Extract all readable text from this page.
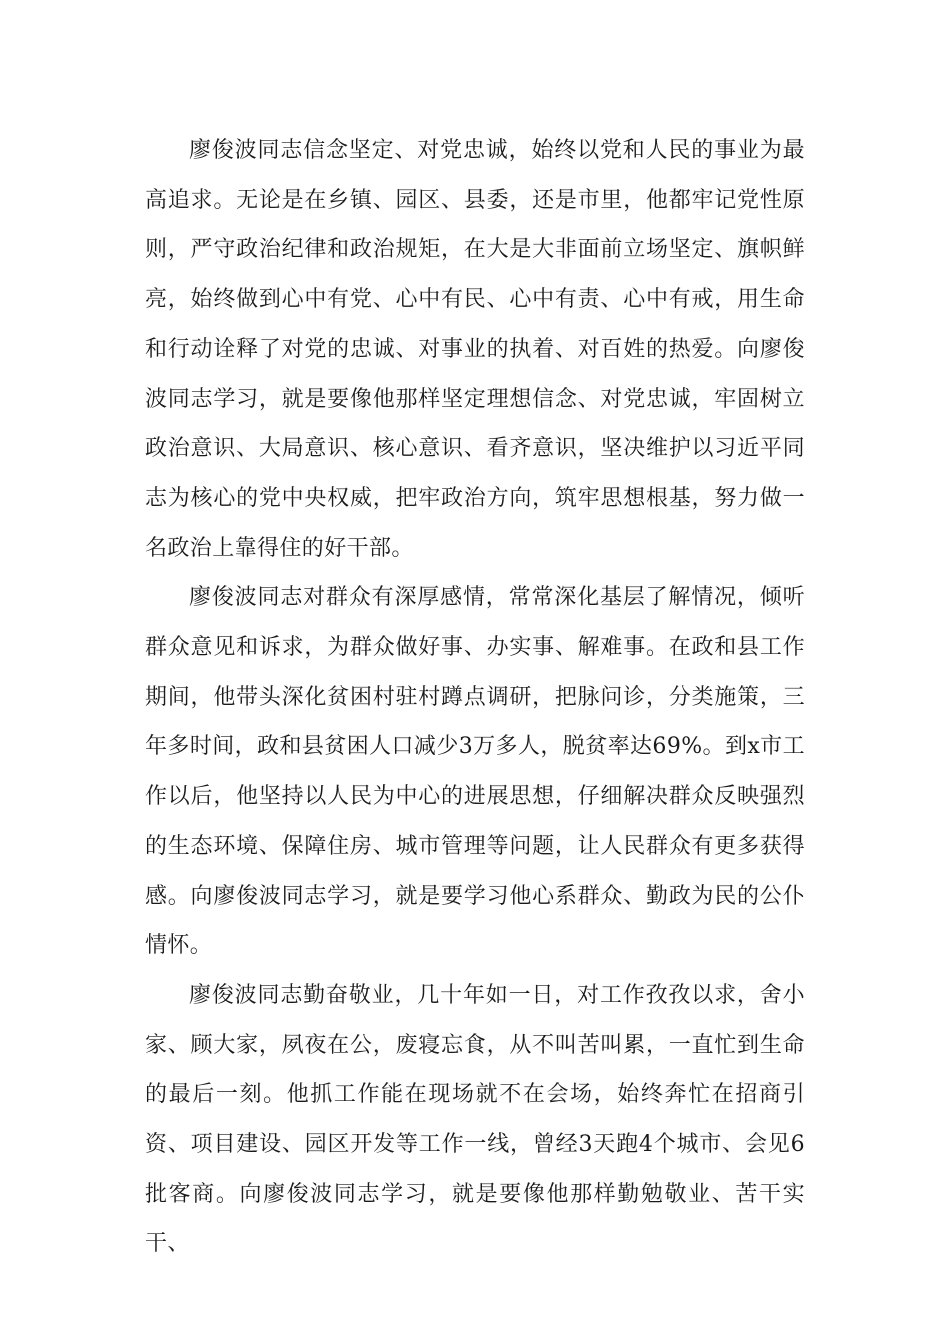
廖俊波同志信念坚定、对党忠诚，始终以党和人民的事业为最高追求。无论是在乡镇、园区、县委，还是市里，他都牢记党性原则，严守政治纪律和政治规矩，在大是大非面前立场坚定、旗帜鲜亮，始终做到心中有党、心中有民、心中有责、心中有戒，用生命和行动诠释了对党的忠诚、对事业的执着、对百姓的热爱。向廖俊波同志学习，就是要像他那样坚定理想信念、对党忠诚，牢固树立政治意识、大局意识、核心意识、看齐意识，坚决维护以习近平同志为核心的党中央权威，把牢政治方向，筑牢思想根基，努力做一名政治上靠得住的好干部。

廖俊波同志对群众有深厚感情，常常深化基层了解情况，倾听群众意见和诉求，为群众做好事、办实事、解难事。在政和县工作期间，他带头深化贫困村驻村蹲点调研，把脉问诊，分类施策，三年多时间，政和县贫困人口减少3万多人，脱贫率达69%。到x市工作以后，他坚持以人民为中心的进展思想，仔细解决群众反映强烈的生态环境、保障住房、城市管理等问题，让人民群众有更多获得感。向廖俊波同志学习，就是要学习他心系群众、勤政为民的公仆情怀。

廖俊波同志勤奋敬业，几十年如一日，对工作孜孜以求，舍小家、顾大家，夙夜在公，废寝忘食，从不叫苦叫累，一直忙到生命的最后一刻。他抓工作能在现场就不在会场，始终奔忙在招商引资、项目建设、园区开发等工作一线，曾经3天跑4个城市、会见6批客商。向廖俊波同志学习，就是要像他那样勤勉敬业、苦干实干、
